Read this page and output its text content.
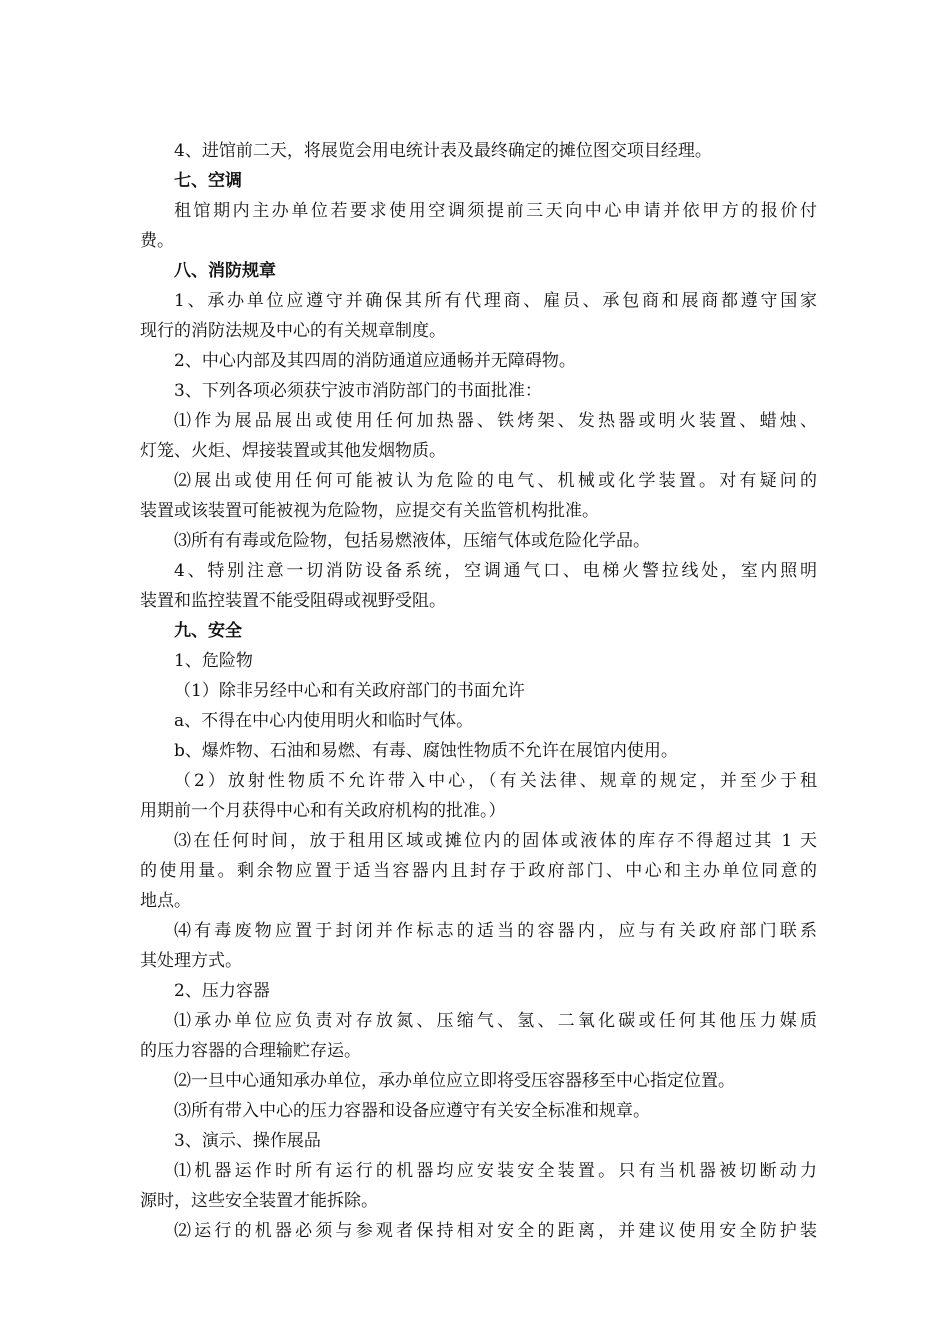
4、进馆前二天，将展览会用电统计表及最终确定的摊位图交项目经理。
七、空调
租馆期内主办单位若要求使用空调须提前三天向中心申请并依甲方的报价付
费。
八、消防规章
1、承办单位应遵守并确保其所有代理商、雇员、承包商和展商都遵守国家
现行的消防法规及中心的有关规章制度。
2、中心内部及其四周的消防通道应通畅并无障碍物。
3、下列各项必须获宁波市消防部门的书面批准：
⑴作为展品展出或使用任何加热器、铁烤架、发热器或明火装置、蜡烛、
灯笼、火炬、焊接装置或其他发烟物质。
⑵展出或使用任何可能被认为危险的电气、机械或化学装置。对有疑问的
装置或该装置可能被视为危险物，应提交有关监管机构批准。
⑶所有有毒或危险物，包括易燃液体，压缩气体或危险化学品。
4、特别注意一切消防设备系统，空调通气口、电梯火警拉线处，室内照明
装置和监控装置不能受阻碍或视野受阻。
九、安全
1、危险物
（1）除非另经中心和有关政府部门的书面允许
a、不得在中心内使用明火和临时气体。
b、爆炸物、石油和易燃、有毒、腐蚀性物质不允许在展馆内使用。
（2）放射性物质不允许带入中心，（有关法律、规章的规定，并至少于租
用期前一个月获得中心和有关政府机构的批准。）
⑶在任何时间，放于租用区域或摊位内的固体或液体的库存不得超过其 1 天
的使用量。剩余物应置于适当容器内且封存于政府部门、中心和主办单位同意的
地点。
⑷有毒废物应置于封闭并作标志的适当的容器内，应与有关政府部门联系
其处理方式。
2、压力容器
⑴承办单位应负责对存放氮、压缩气、氢、二氧化碳或任何其他压力媒质
的压力容器的合理输贮存运。
⑵一旦中心通知承办单位，承办单位应立即将受压容器移至中心指定位置。
⑶所有带入中心的压力容器和设备应遵守有关安全标准和规章。
3、演示、操作展品
⑴机器运作时所有运行的机器均应安装安全装置。只有当机器被切断动力
源时，这些安全装置才能拆除。
⑵运行的机器必须与参观者保持相对安全的距离，并建议使用安全防护装
